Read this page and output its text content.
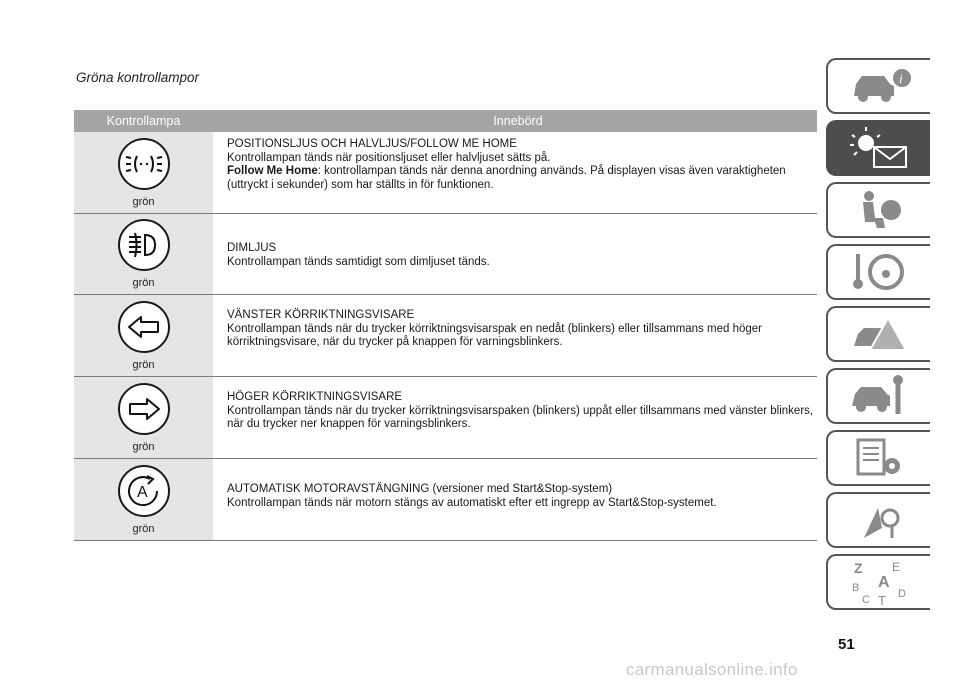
Gröna kontrollampor
Kontrollampa	Innebörd
grön
POSITIONSLJUS OCH HALVLJUS/FOLLOW ME HOME
Kontrollampan tänds när positionsljuset eller halvljuset sätts på.
Follow Me Home: kontrollampan tänds när denna anordning används. På displayen visas även varaktigheten (uttryckt i sekunder) som har ställts in för funktionen.
grön
DIMLJUS
Kontrollampan tänds samtidigt som dimljuset tänds.
grön
VÄNSTER KÖRRIKTNINGSVISARE
Kontrollampan tänds när du trycker körriktningsvisarspak en nedåt (blinkers) eller tillsammans med höger körriktningsvisare, när du trycker på knappen för varningsblinkers.
grön
HÖGER KÖRRIKTNINGSVISARE
Kontrollampan tänds när du trycker körriktningsvisarspaken (blinkers) uppåt eller tillsammans med vänster blinkers, när du trycker ner knappen för varningsblinkers.
A
grön
AUTOMATISK MOTORAVSTÄNGNING (versioner med Start&Stop-system)
Kontrollampan tänds när motorn stängs av automatiskt efter ett ingrepp av Start&Stop-systemet.
i
Z E
A
B
C T D
51
carmanualsonline.info
